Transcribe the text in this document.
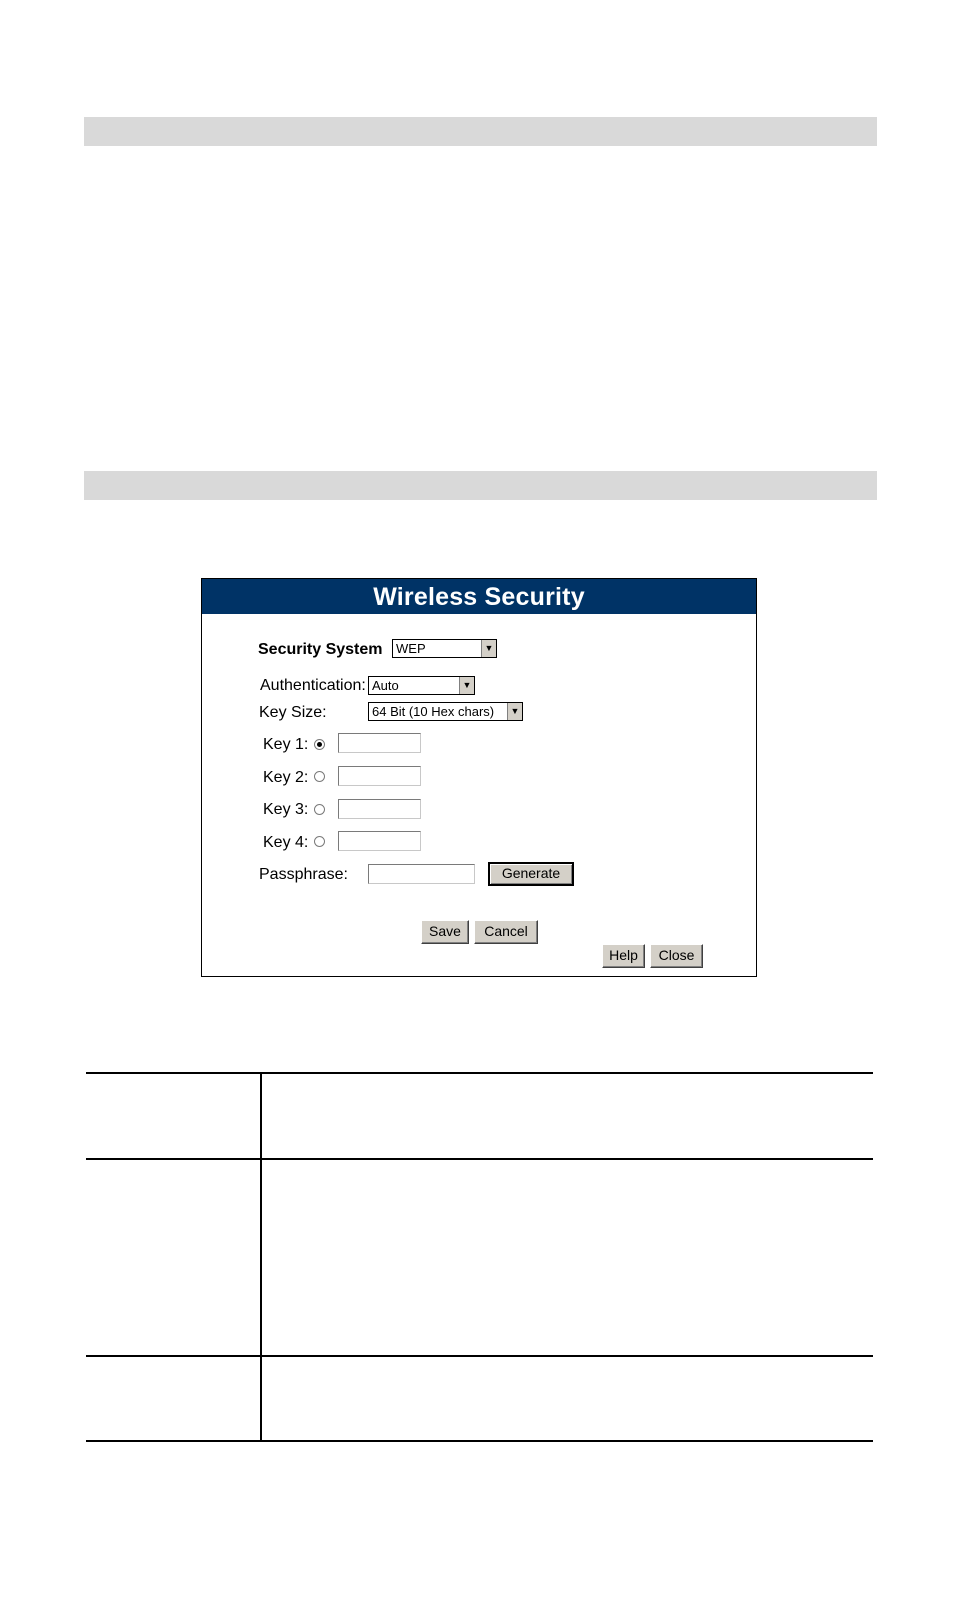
Wireless Security
Security System	WEP	▼
Authentication: Auto	▼
Key Size:	64 Bit (10 Hex chars)	▼
Key 1:
Key 2:
Key 3:
Key 4:
Passphrase:	Generate
Save	Cancel
Help	Close
